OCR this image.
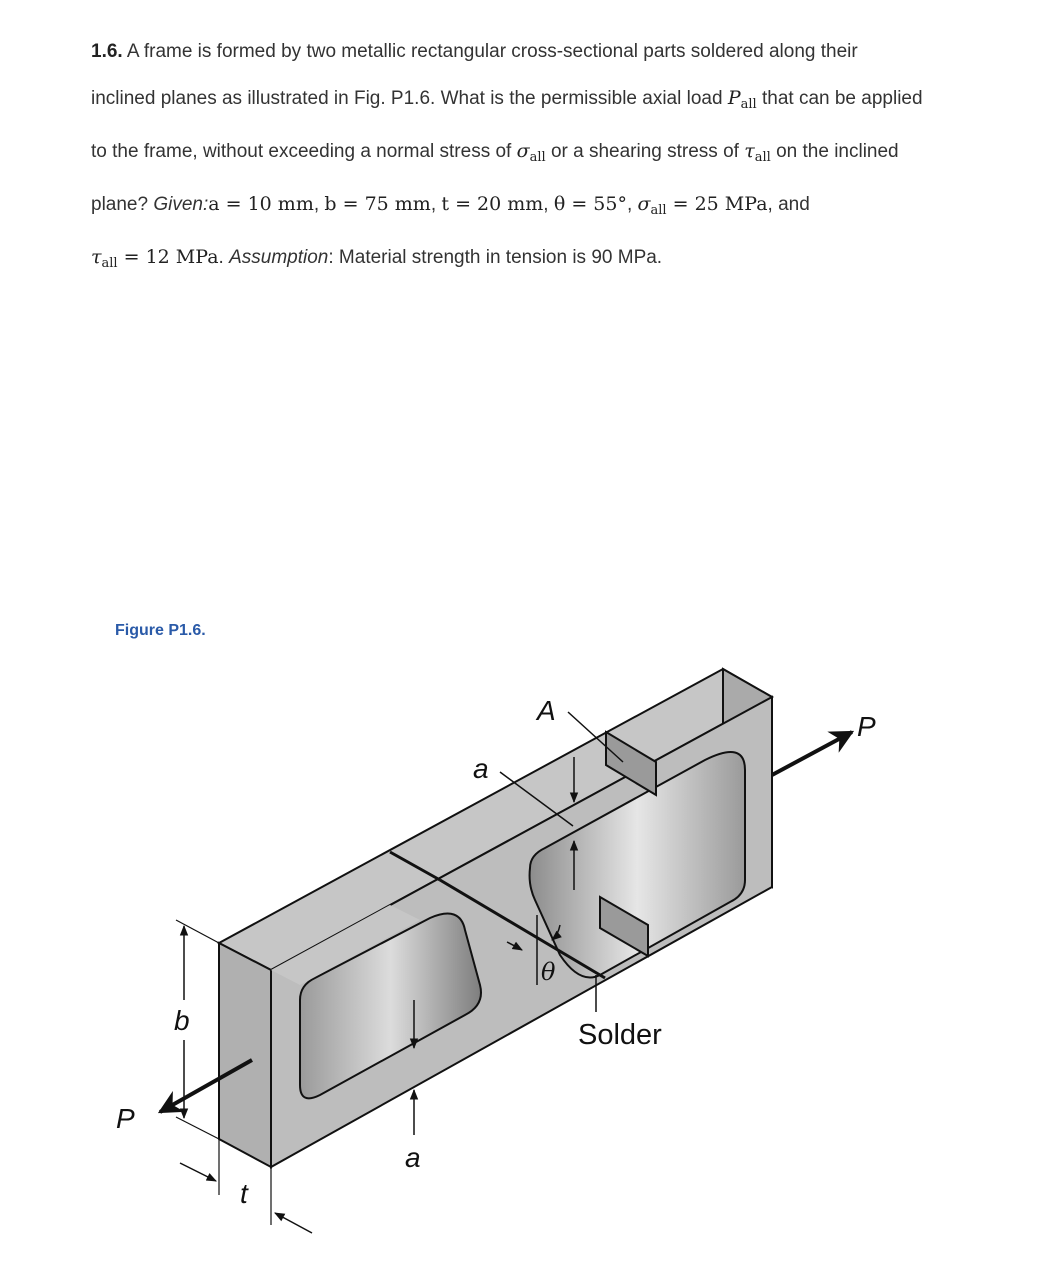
1.6. A frame is formed by two metallic rectangular cross-sectional parts soldered along their

inclined planes as illustrated in Fig. P1.6. What is the permissible axial load $P_{all}$ that can be applied

to the frame, without exceeding a normal stress of $\sigma_{all}$ or a shearing stress of $\tau_{all}$ on the inclined

plane? Given:a = 10 mm, b = 75 mm, t = 20 mm, θ = 55°, $\sigma_{all} = 25$ MPa, and

$\tau_{all} = 12$ MPa. Assumption: Material strength in tension is 90 MPa.

Figure P1.6.
a
A
θ
Solder
a
b
t
P
P
